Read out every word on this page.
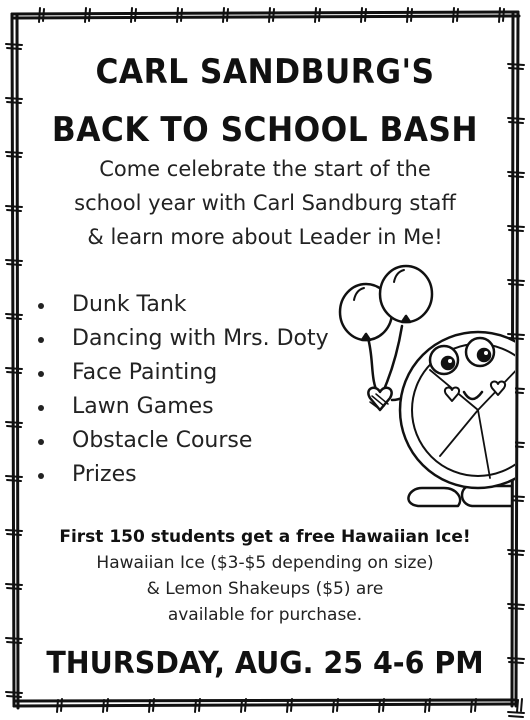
CARL SANDBURG'S
BACK TO SCHOOL BASH
Come celebrate the start of the
school year with Carl Sandburg staff
& learn more about Leader in Me!
Dunk Tank
Dancing with Mrs. Doty
Face Painting
Lawn Games
Obstacle Course
Prizes
First 150 students get a free Hawaiian Ice!
Hawaiian Ice ($3-$5 depending on size)
& Lemon Shakeups ($5) are
available for purchase.
THURSDAY, AUG. 25 4-6 PM
